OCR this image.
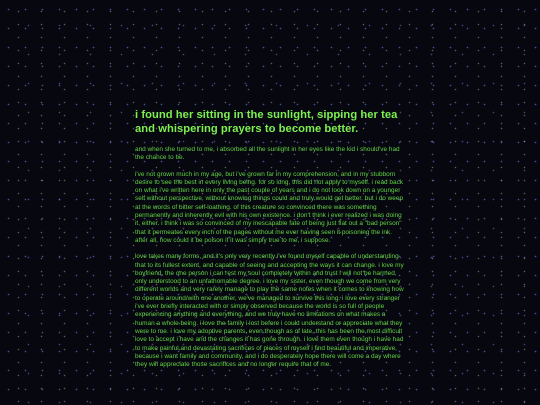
i found her sitting in the sunlight, sipping her tea and whispering prayers to become better.

and when she turned to me, i absorbed all the sunlight in her eyes like the kid i should've had the chance to be.

i've not grown much in my age, but i've grown far in my comprehension, and in my stubborn desire to see the best in every living being. for so long, this did not apply to myself. i read back on what i've written here in only the past couple of years and i do not look down on a younger self without perspective, without knowing things could and truly would get better. but i do weep at the words of bitter self-loathing. of this creature so convinced there was something permanently and inherently evil with his own existence. i don't think i ever realized i was doing it, either. i think i was so convinced of my inescapable fate of being just flat out a "bad person" that it permeates every inch of the pages without me ever having seen it poisoning the ink. after all, how could it be poison if it was simply true to me, i suppose.

love takes many forms, and it's only very recently i've found myself capable of understanding that to its fullest extent, and capable of seeing and accepting the ways it can change. i love my boyfriend, the one person i can rest my soul completely within and trust i will not be harmed, only understood to an unfathomable degree. i love my sister, even though we come from very different worlds and very rarely manage to play the same notes when it comes to knowing how to operate around/with one another, we've managed to survive this long. i love every stranger i've ever briefly interacted with or simply observed because the world is so full of people experiencing anything and everything, and we truly have no limitations on what makes a human a whole being. i love the family i lost before i could understand or appreciate what they were to me. i love my adoptive parents, even though as of late, this has been the most difficult love to accept i have and the changes it has gone through. i love them even though i have had to make painful and devastating sacrifices of pieces of myself i find beautiful and imperative, because i want family and community, and i do desperately hope there will come a day where they will appreciate those sacrifices and no longer require that of me.
